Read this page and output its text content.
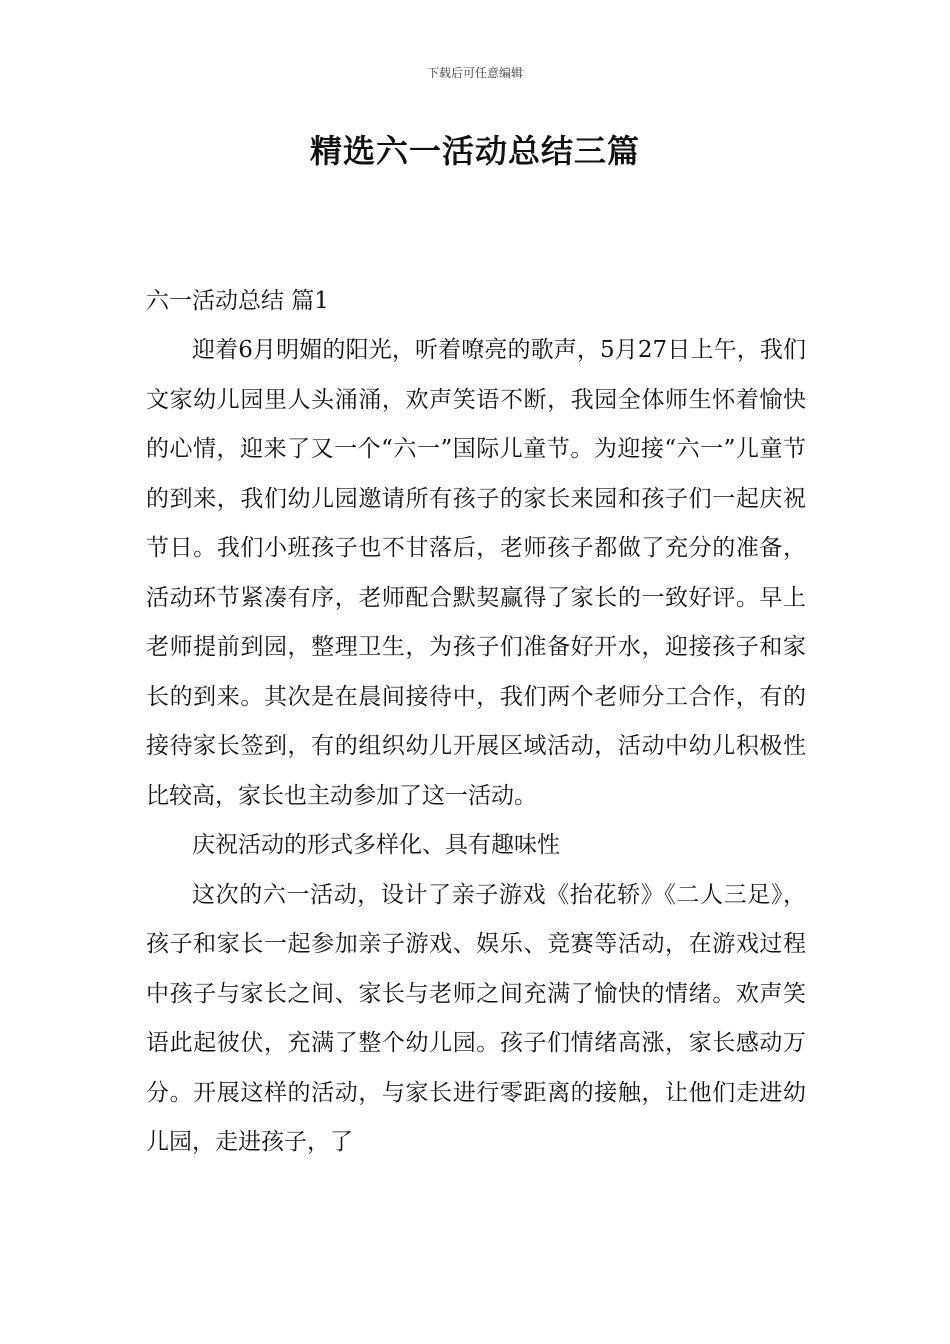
下载后可任意编辑
精选六一活动总结三篇
六一活动总结 篇1

迎着6月明媚的阳光，听着嘹亮的歌声，5月27日上午，我们文家幼儿园里人头涌涌，欢声笑语不断，我园全体师生怀着愉快的心情，迎来了又一个“六一”国际儿童节。为迎接“六一”儿童节的到来，我们幼儿园邀请所有孩子的家长来园和孩子们一起庆祝节日。我们小班孩子也不甘落后，老师孩子都做了充分的准备，活动环节紧凑有序，老师配合默契赢得了家长的一致好评。早上老师提前到园，整理卫生，为孩子们准备好开水，迎接孩子和家长的到来。其次是在晨间接待中，我们两个老师分工合作，有的接待家长签到，有的组织幼儿开展区域活动，活动中幼儿积极性比较高，家长也主动参加了这一活动。

庆祝活动的形式多样化、具有趣味性

这次的六一活动，设计了亲子游戏《抬花轿》《二人三足》，孩子和家长一起参加亲子游戏、娱乐、竞赛等活动，在游戏过程中孩子与家长之间、家长与老师之间充满了愉快的情绪。欢声笑语此起彼伏，充满了整个幼儿园。孩子们情绪高涨，家长感动万分。开展这样的活动，与家长进行零距离的接触，让他们走进幼儿园，走进孩子，了
